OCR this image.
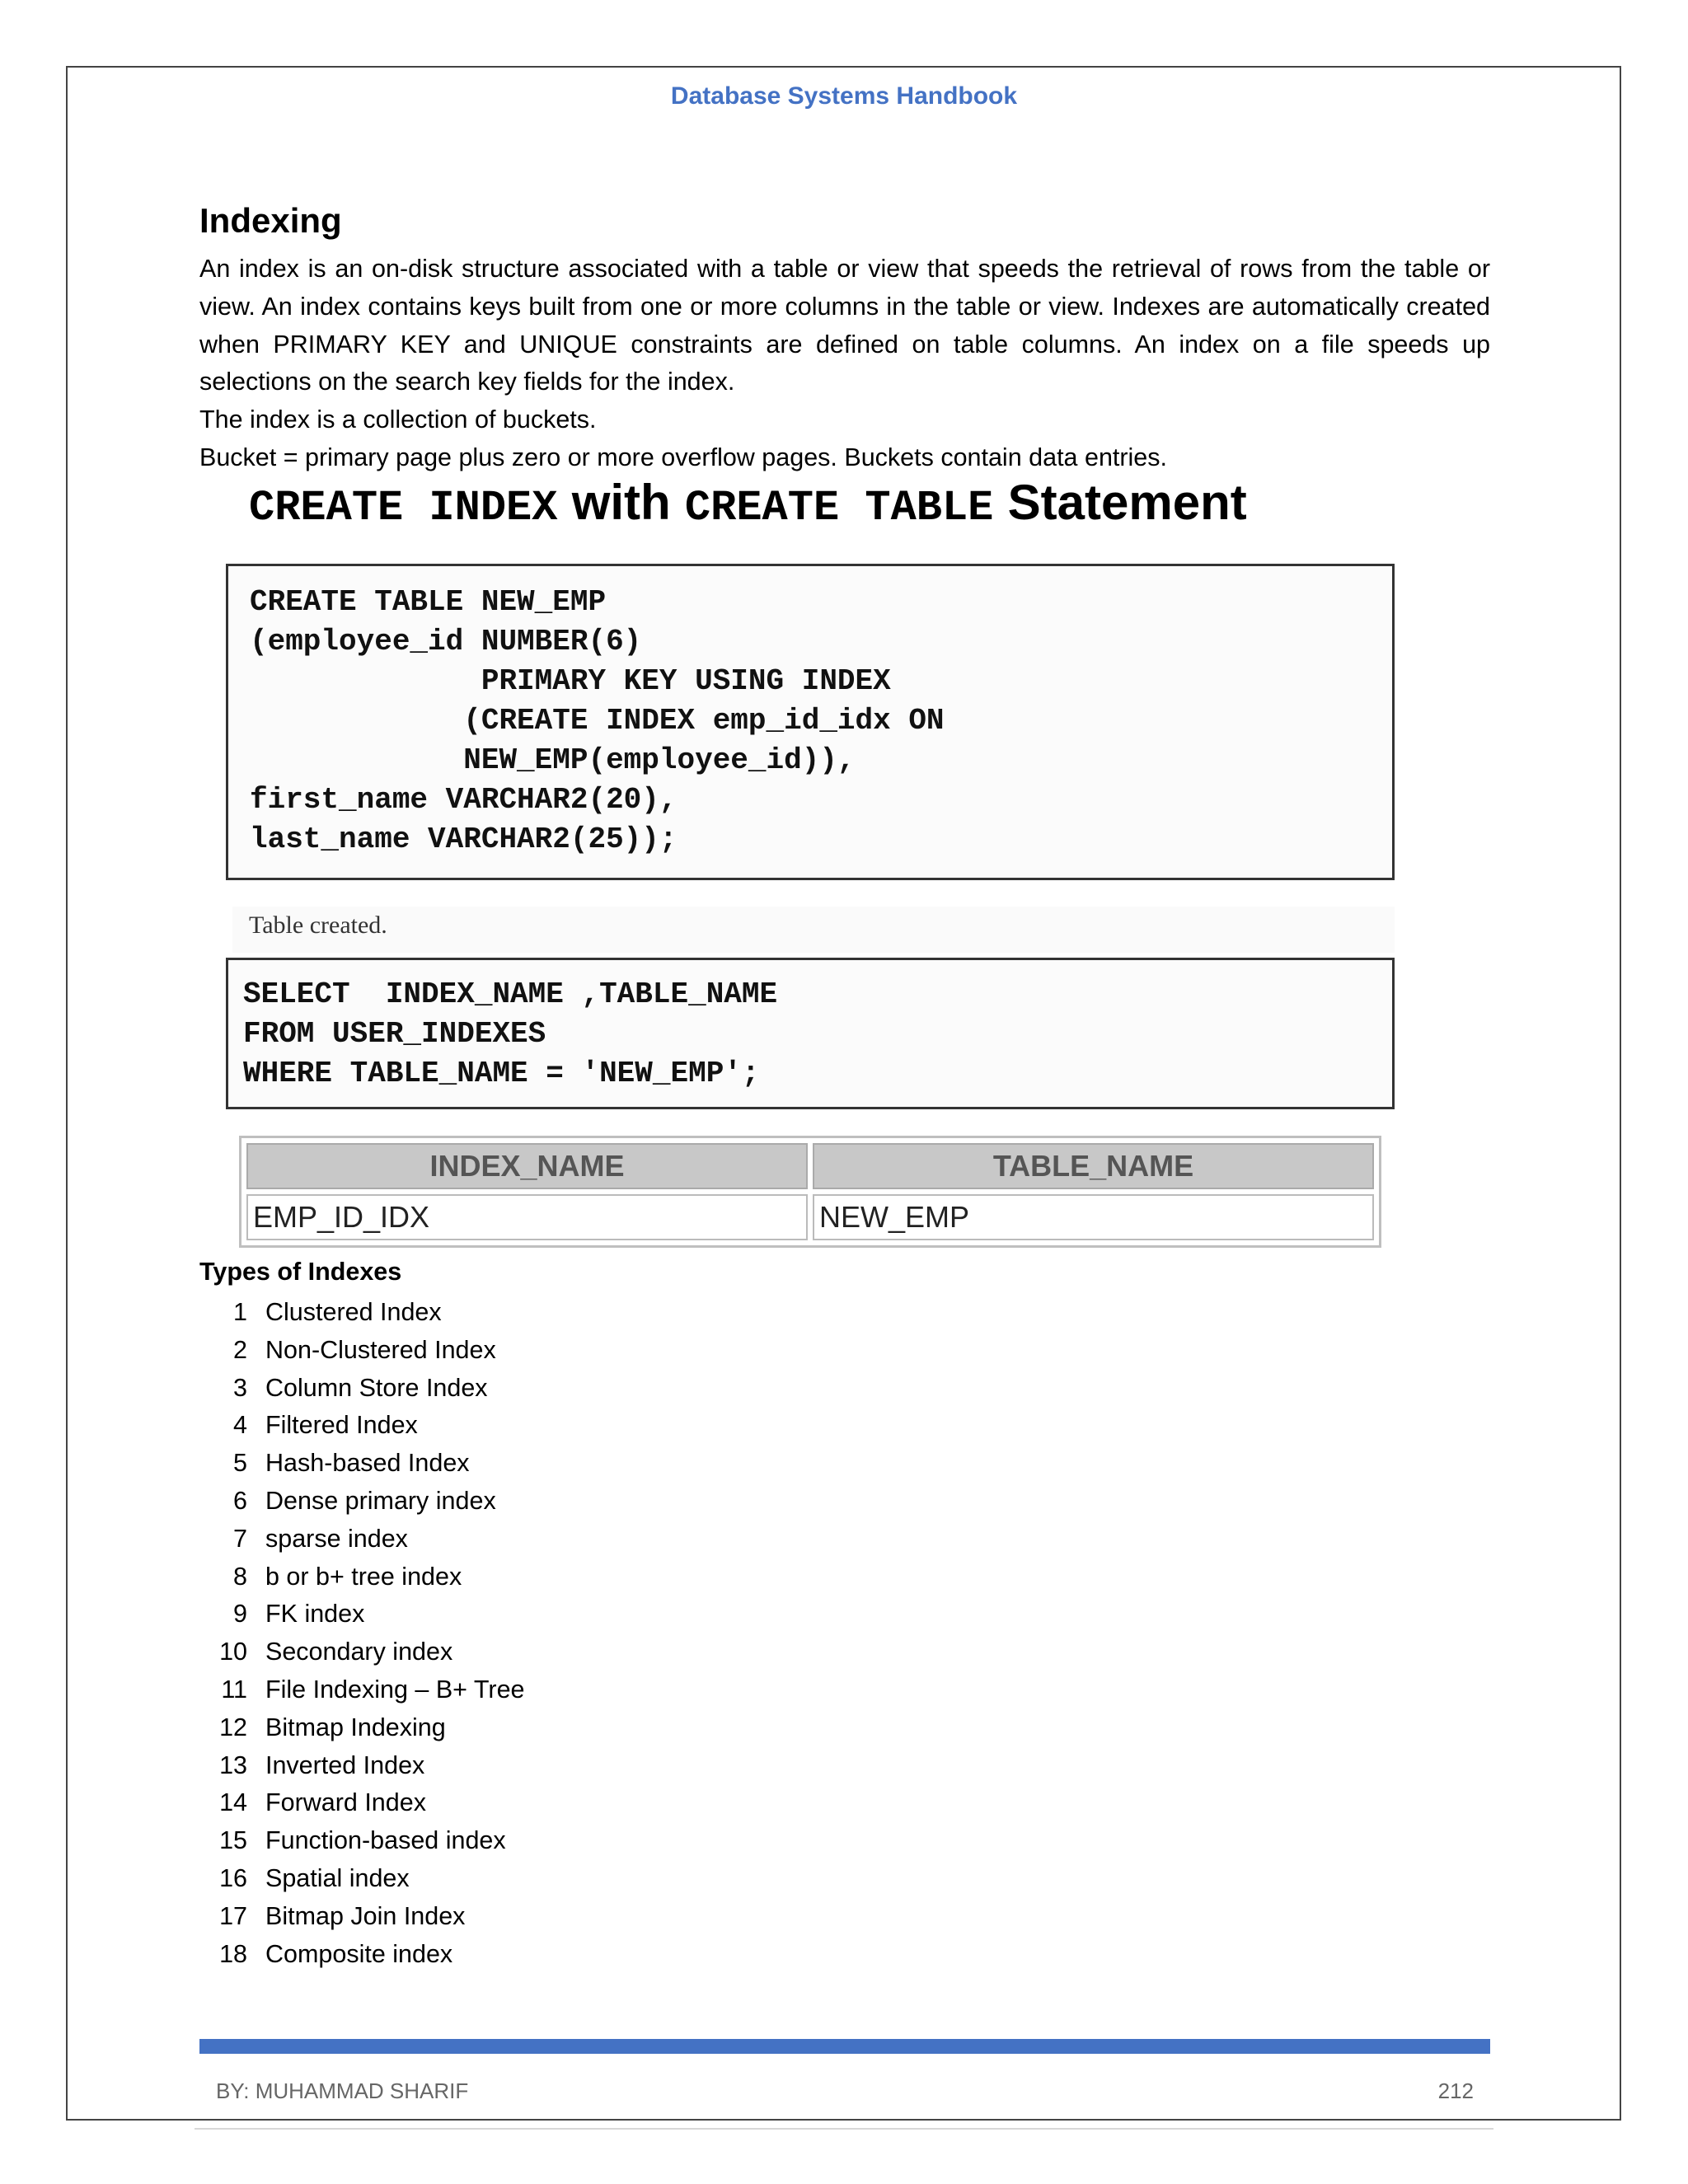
Database Systems Handbook
Indexing

An index is an on-disk structure associated with a table or view that speeds the retrieval of rows from the table or view. An index contains keys built from one or more columns in the table or view. Indexes are automatically created when PRIMARY KEY and UNIQUE constraints are defined on table columns. An index on a file speeds up selections on the search key fields for the index.

The index is a collection of buckets.

Bucket = primary page plus zero or more overflow pages. Buckets contain data entries.

CREATE INDEX with CREATE TABLE Statement
CREATE TABLE NEW_EMP
(employee_id NUMBER(6)
PRIMARY KEY USING INDEX
(CREATE INDEX emp_id_idx ON
NEW_EMP(employee_id)),
first_name VARCHAR2(20),
last_name VARCHAR2(25));
Table created.
SELECT  INDEX_NAME ,TABLE_NAME
FROM USER_INDEXES
WHERE TABLE_NAME = 'NEW_EMP';
INDEX_NAME	TABLE_NAME
EMP_ID_IDX	NEW_EMP
Types of Indexes
1 Clustered Index
2 Non-Clustered Index
3 Column Store Index
4 Filtered Index
5 Hash-based Index
6 Dense primary index
7 sparse index
8 b or b+ tree index
9 FK index
10 Secondary index
11 File Indexing – B+ Tree
12 Bitmap Indexing
13 Inverted Index
14 Forward Index
15 Function-based index
16 Spatial index
17 Bitmap Join Index
18 Composite index
BY: MUHAMMAD SHARIF	212
